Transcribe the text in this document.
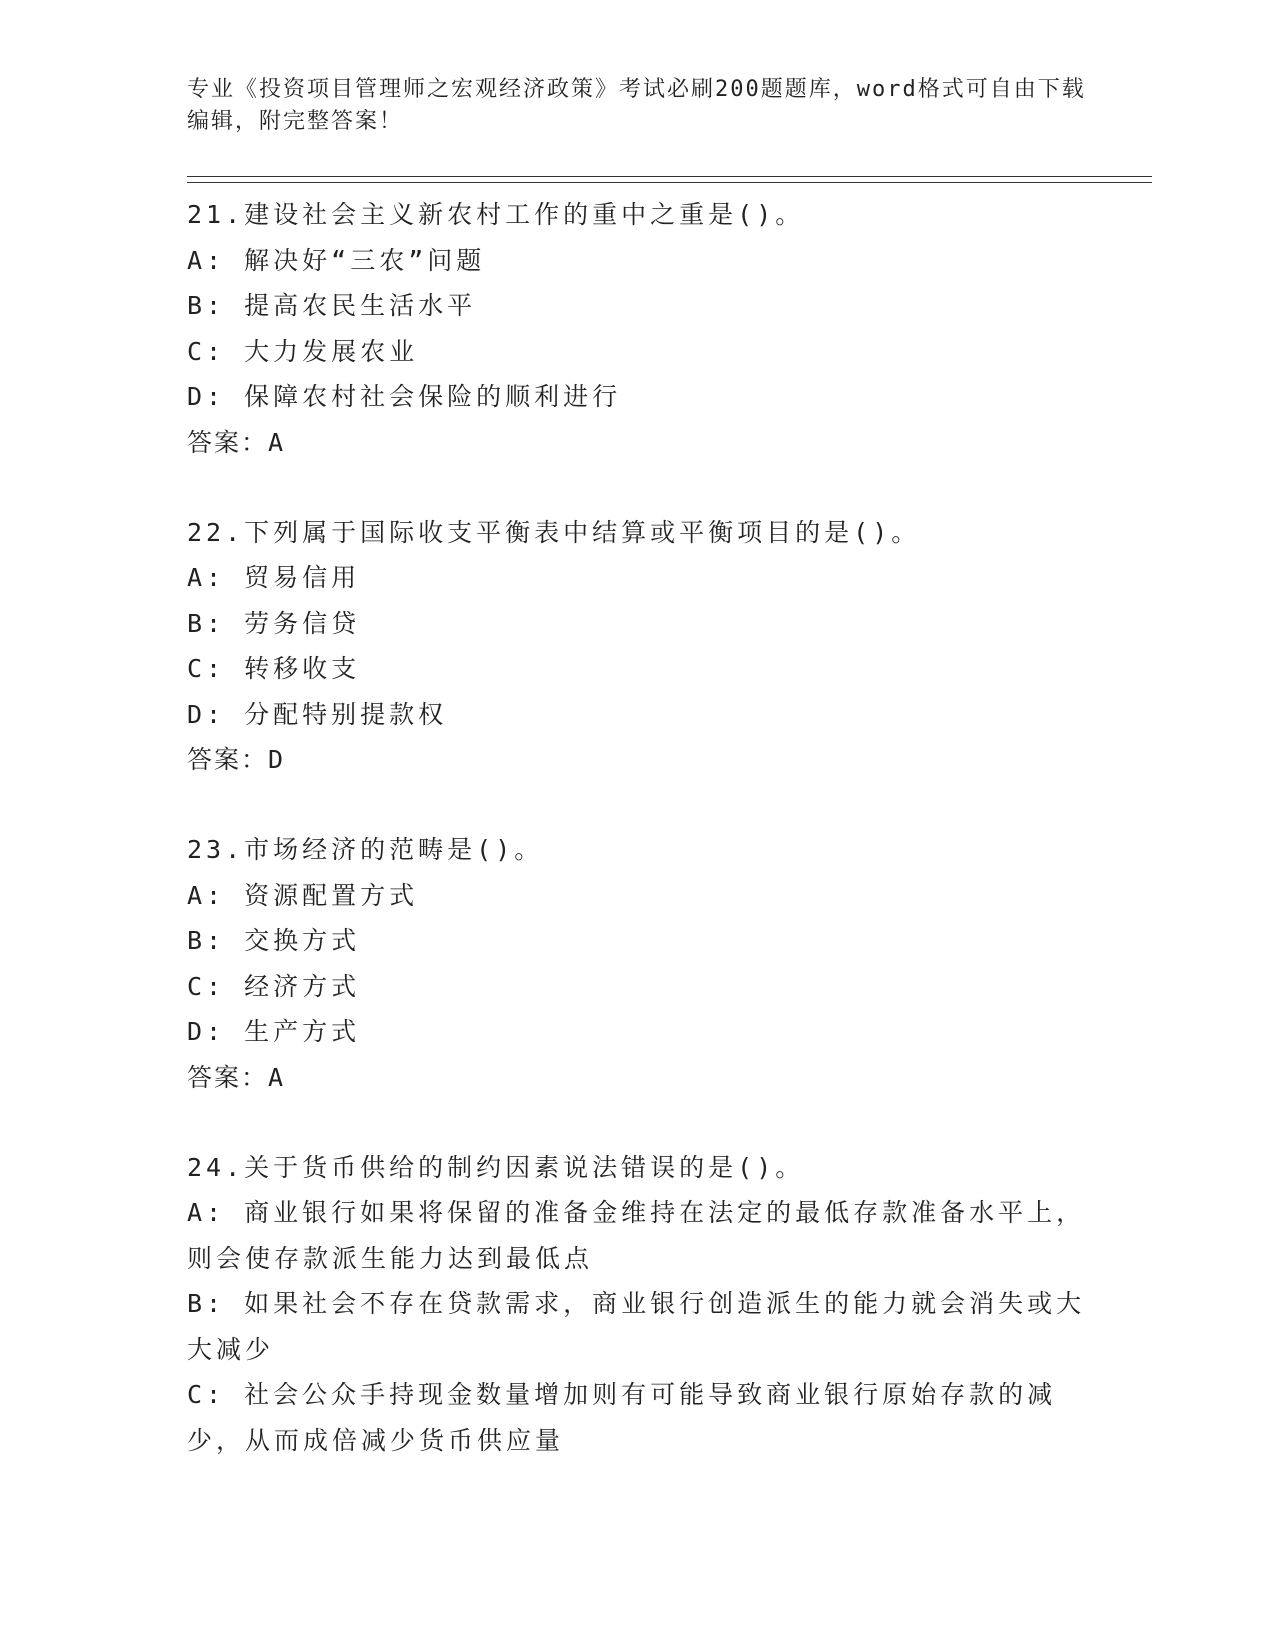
专业《投资项目管理师之宏观经济政策》考试必刷200题题库，word格式可自由下载编辑，附完整答案！
21.建设社会主义新农村工作的重中之重是()。
A: 解决好“三农”问题
B: 提高农民生活水平
C: 大力发展农业
D: 保障农村社会保险的顺利进行
答案：A
22.下列属于国际收支平衡表中结算或平衡项目的是()。
A: 贸易信用
B: 劳务信贷
C: 转移收支
D: 分配特别提款权
答案：D
23.市场经济的范畴是()。
A: 资源配置方式
B: 交换方式
C: 经济方式
D: 生产方式
答案：A
24.关于货币供给的制约因素说法错误的是()。
A: 商业银行如果将保留的准备金维持在法定的最低存款准备水平上，则会使存款派生能力达到最低点
B: 如果社会不存在贷款需求，商业银行创造派生的能力就会消失或大大减少
C: 社会公众手持现金数量增加则有可能导致商业银行原始存款的减少，从而成倍减少货币供应量
